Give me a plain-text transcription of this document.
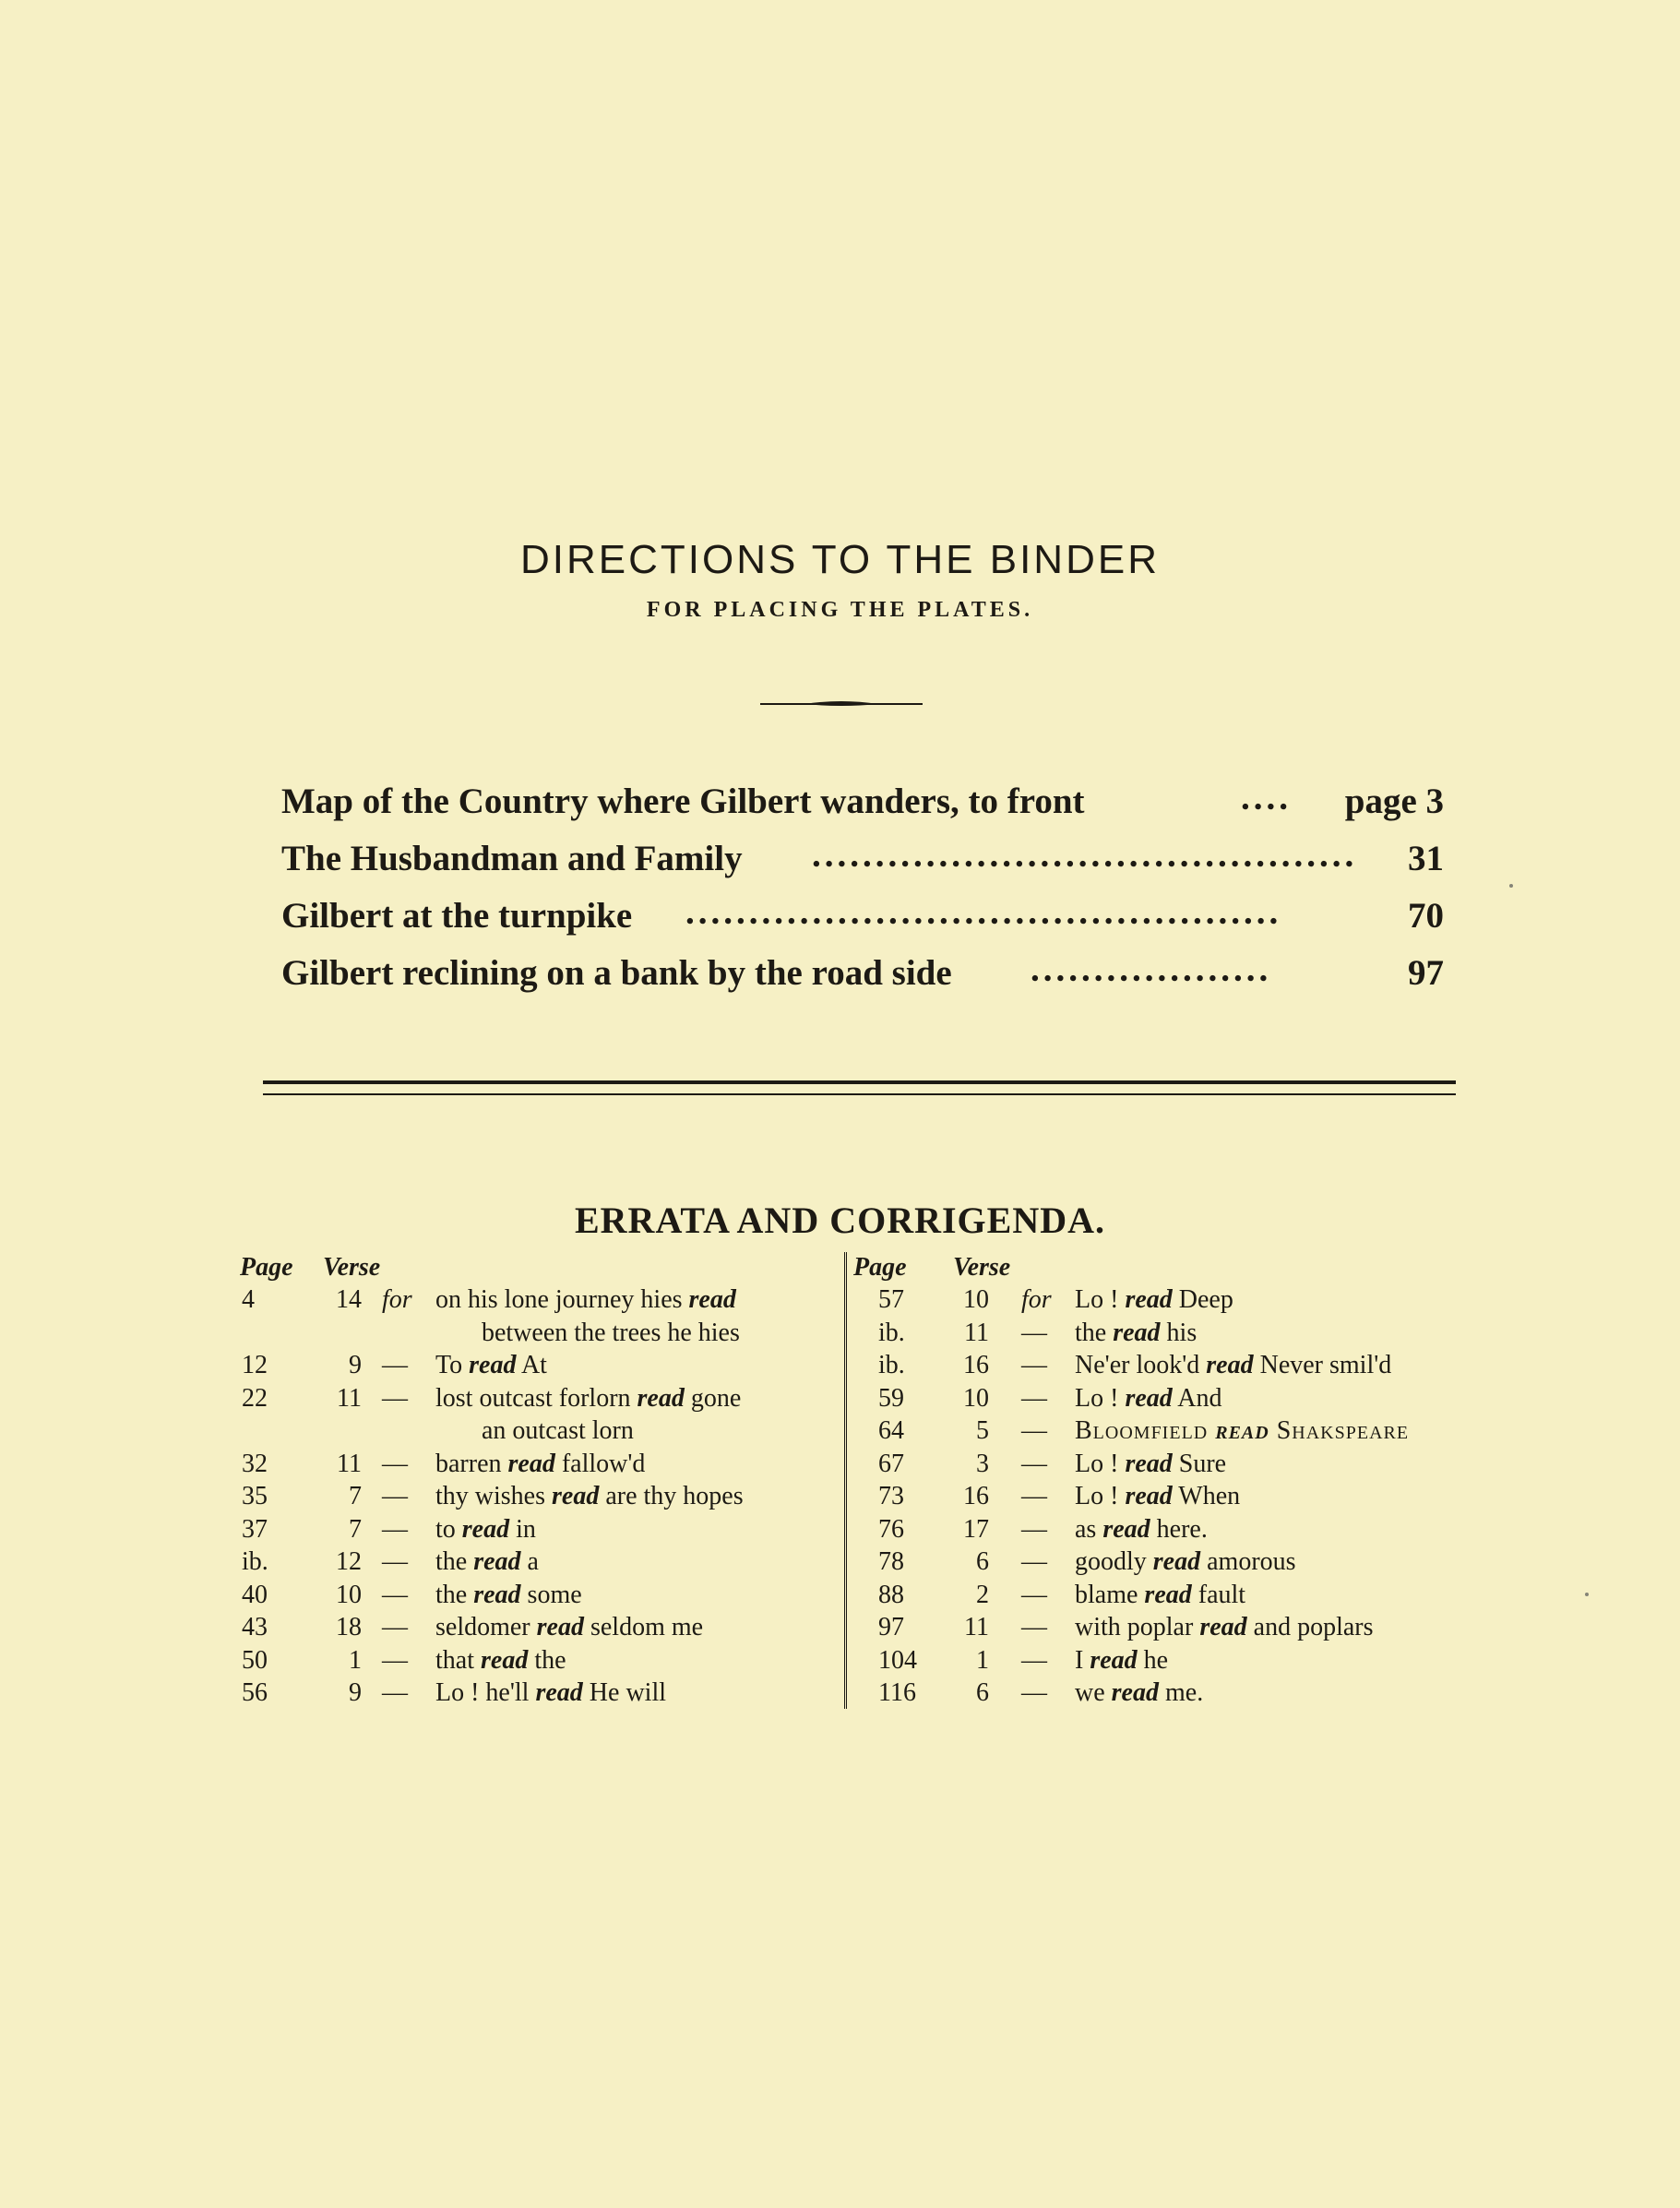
DIRECTIONS TO THE BINDER
FOR PLACING THE PLATES.
Map of the Country where Gilbert wanders, to front	.... page 3
The Husbandman and Family ........................................... 31
Gilbert at the turnpike ...............................................	70
Gilbert reclining on a bank by the road side ...................	97
ERRATA AND CORRIGENDA.
Page Verse
4	14 for on his lone journey hies read
between the trees he hies
12	9 — To read At
22	11 — lost outcast forlorn read gone
an outcast lorn
32	11 — barren read fallow'd
35	7 — thy wishes read are thy hopes
37	7 — to read in
ib.	12 — the read a
40	10 — the read some
43	18 — seldomer read seldom me
50	1 — that read the
56	9 — Lo ! he'll read He will
Page Verse
57	10 for Lo ! read Deep
ib.	11 — the read his
ib.	16 — Ne'er look'd read Never smil'd
59	10 — Lo ! read And
64	5 — Bloomfield read Shakspeare
67	3 — Lo ! read Sure
73	16 — Lo ! read When
76	17 — as read here.
78	6 — goodly read amorous
88	2 — blame read fault
97	11 — with poplar read and poplars
104	1 — I read he
116	6 — we read me.
